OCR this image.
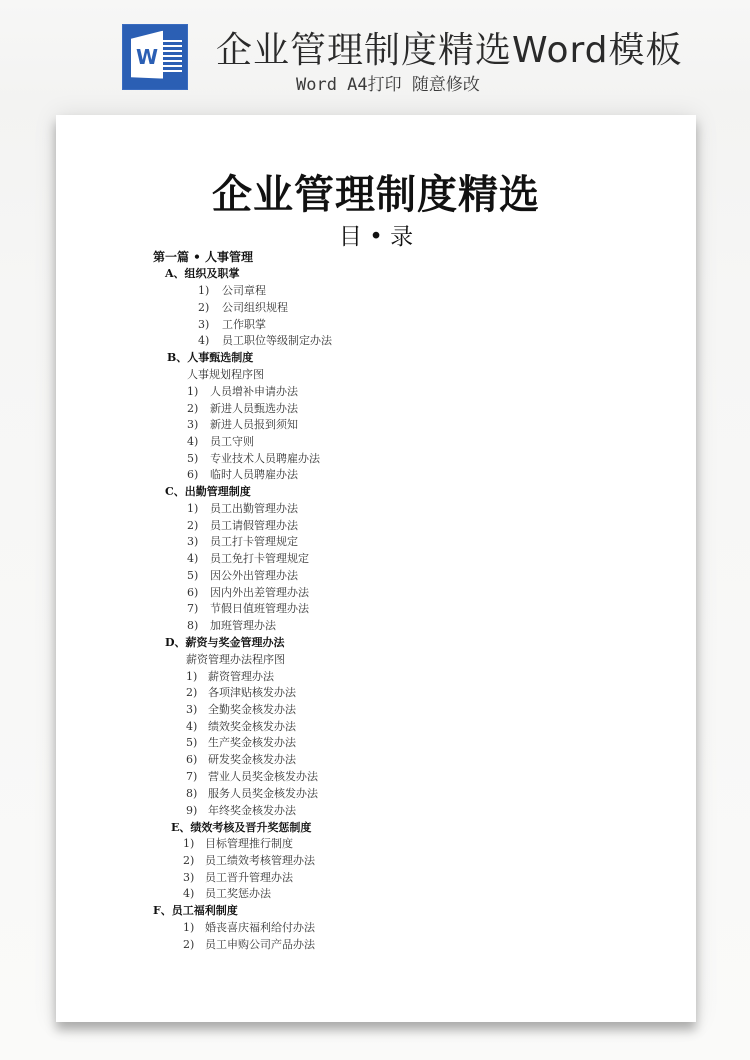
W 企业管理制度精选Word模板
Word A4打印 随意修改
企业管理制度精选
目 • 录
第一篇 • 人事管理
A、组织及职掌
1) 公司章程
2) 公司组织规程
3) 工作职掌
4) 员工职位等级制定办法
B、人事甄选制度
人事规划程序图
1) 人员增补申请办法
2) 新进人员甄选办法
3) 新进人员报到须知
4) 员工守则
5) 专业技术人员聘雇办法
6) 临时人员聘雇办法
C、出勤管理制度
1) 员工出勤管理办法
2) 员工请假管理办法
3) 员工打卡管理规定
4) 员工免打卡管理规定
5) 因公外出管理办法
6) 因内外出差管理办法
7) 节假日值班管理办法
8) 加班管理办法
D、薪资与奖金管理办法
薪资管理办法程序图
1) 薪资管理办法
2) 各项津贴核发办法
3) 全勤奖金核发办法
4) 绩效奖金核发办法
5) 生产奖金核发办法
6) 研发奖金核发办法
7) 营业人员奖金核发办法
8) 服务人员奖金核发办法
9) 年终奖金核发办法
E、绩效考核及晋升奖惩制度
1) 目标管理推行制度
2) 员工绩效考核管理办法
3) 员工晋升管理办法
4) 员工奖惩办法
F、员工福利制度
1) 婚丧喜庆福利给付办法
2) 员工申购公司产品办法
